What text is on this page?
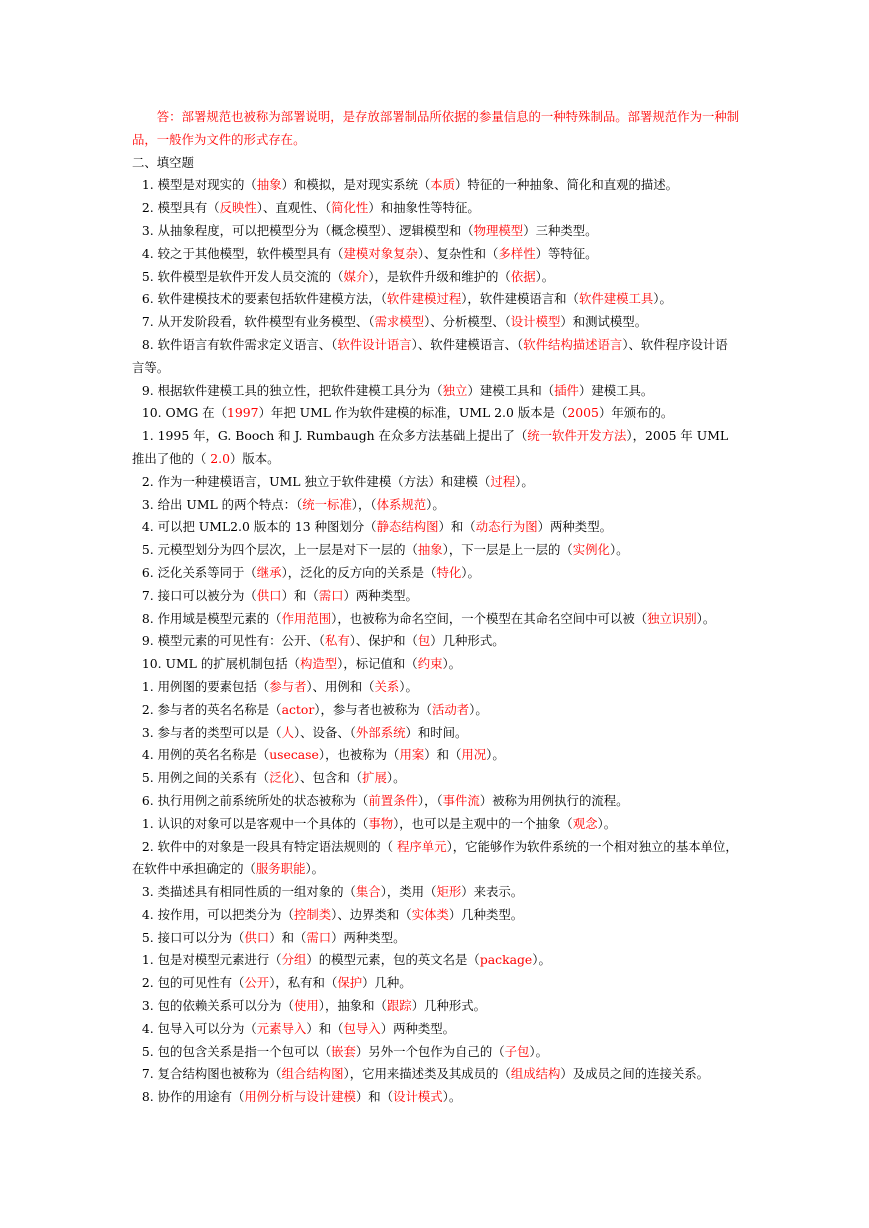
答：部署规范也被称为部署说明，是存放部署制品所依据的参量信息的一种特殊制品。部署规范作为一种制品，一般作为文件的形式存在。

二、填空题

1. 模型是对现实的（抽象）和模拟，是对现实系统（本质）特征的一种抽象、简化和直观的描述。

2. 模型具有（反映性）、直观性、（简化性）和抽象性等特征。

3. 从抽象程度，可以把模型分为（概念模型）、逻辑模型和（物理模型）三种类型。

4. 较之于其他模型，软件模型具有（建模对象复杂）、复杂性和（多样性）等特征。

5. 软件模型是软件开发人员交流的（媒介），是软件升级和维护的（依据）。

6. 软件建模技术的要素包括软件建模方法，（软件建模过程），软件建模语言和（软件建模工具）。

7. 从开发阶段看，软件模型有业务模型、（需求模型）、分析模型、（设计模型）和测试模型。

8. 软件语言有软件需求定义语言、（软件设计语言）、软件建模语言、（软件结构描述语言）、软件程序设计语言等。

9. 根据软件建模工具的独立性，把软件建模工具分为（独立）建模工具和（插件）建模工具。

10. OMG 在（1997）年把 UML 作为软件建模的标准，UML 2.0 版本是（2005）年颁布的。

1. 1995 年，G. Booch 和 J. Rumbaugh 在众多方法基础上提出了（统一软件开发方法），2005 年 UML 推出了他的（ 2.0）版本。

2. 作为一种建模语言，UML 独立于软件建模（方法）和建模（过程）。

3. 给出 UML 的两个特点：（统一标准），（体系规范）。

4. 可以把 UML2.0 版本的 13 种图划分（静态结构图）和（动态行为图）两种类型。

5. 元模型划分为四个层次，上一层是对下一层的（抽象），下一层是上一层的（实例化）。

6. 泛化关系等同于（继承），泛化的反方向的关系是（特化）。

7. 接口可以被分为（供口）和（需口）两种类型。

8. 作用域是模型元素的（作用范围），也被称为命名空间，一个模型在其命名空间中可以被（独立识别）。

9. 模型元素的可见性有：公开、（私有）、保护和（包）几种形式。

10. UML 的扩展机制包括（构造型），标记值和（约束）。

1. 用例图的要素包括（参与者）、用例和（关系）。

2. 参与者的英名名称是（actor），参与者也被称为（活动者）。

3. 参与者的类型可以是（人）、设备、（外部系统）和时间。

4. 用例的英名名称是（usecase），也被称为（用案）和（用况）。

5. 用例之间的关系有（泛化）、包含和（扩展）。

6. 执行用例之前系统所处的状态被称为（前置条件），（事件流）被称为用例执行的流程。

1. 认识的对象可以是客观中一个具体的（事物），也可以是主观中的一个抽象（观念）。

2. 软件中的对象是一段具有特定语法规则的（ 程序单元），它能够作为软件系统的一个相对独立的基本单位，在软件中承担确定的（服务职能）。

3. 类描述具有相同性质的一组对象的（集合），类用（矩形）来表示。

4. 按作用，可以把类分为（控制类）、边界类和（实体类）几种类型。

5. 接口可以分为（供口）和（需口）两种类型。

1. 包是对模型元素进行（分组）的模型元素，包的英文名是（package）。

2. 包的可见性有（公开），私有和（保护）几种。

3. 包的依赖关系可以分为（使用），抽象和（跟踪）几种形式。

4. 包导入可以分为（元素导入）和（包导入）两种类型。

5. 包的包含关系是指一个包可以（嵌套）另外一个包作为自己的（子包）。

7. 复合结构图也被称为（组合结构图），它用来描述类及其成员的（组成结构）及成员之间的连接关系。

8. 协作的用途有（用例分析与设计建模）和（设计模式）。
